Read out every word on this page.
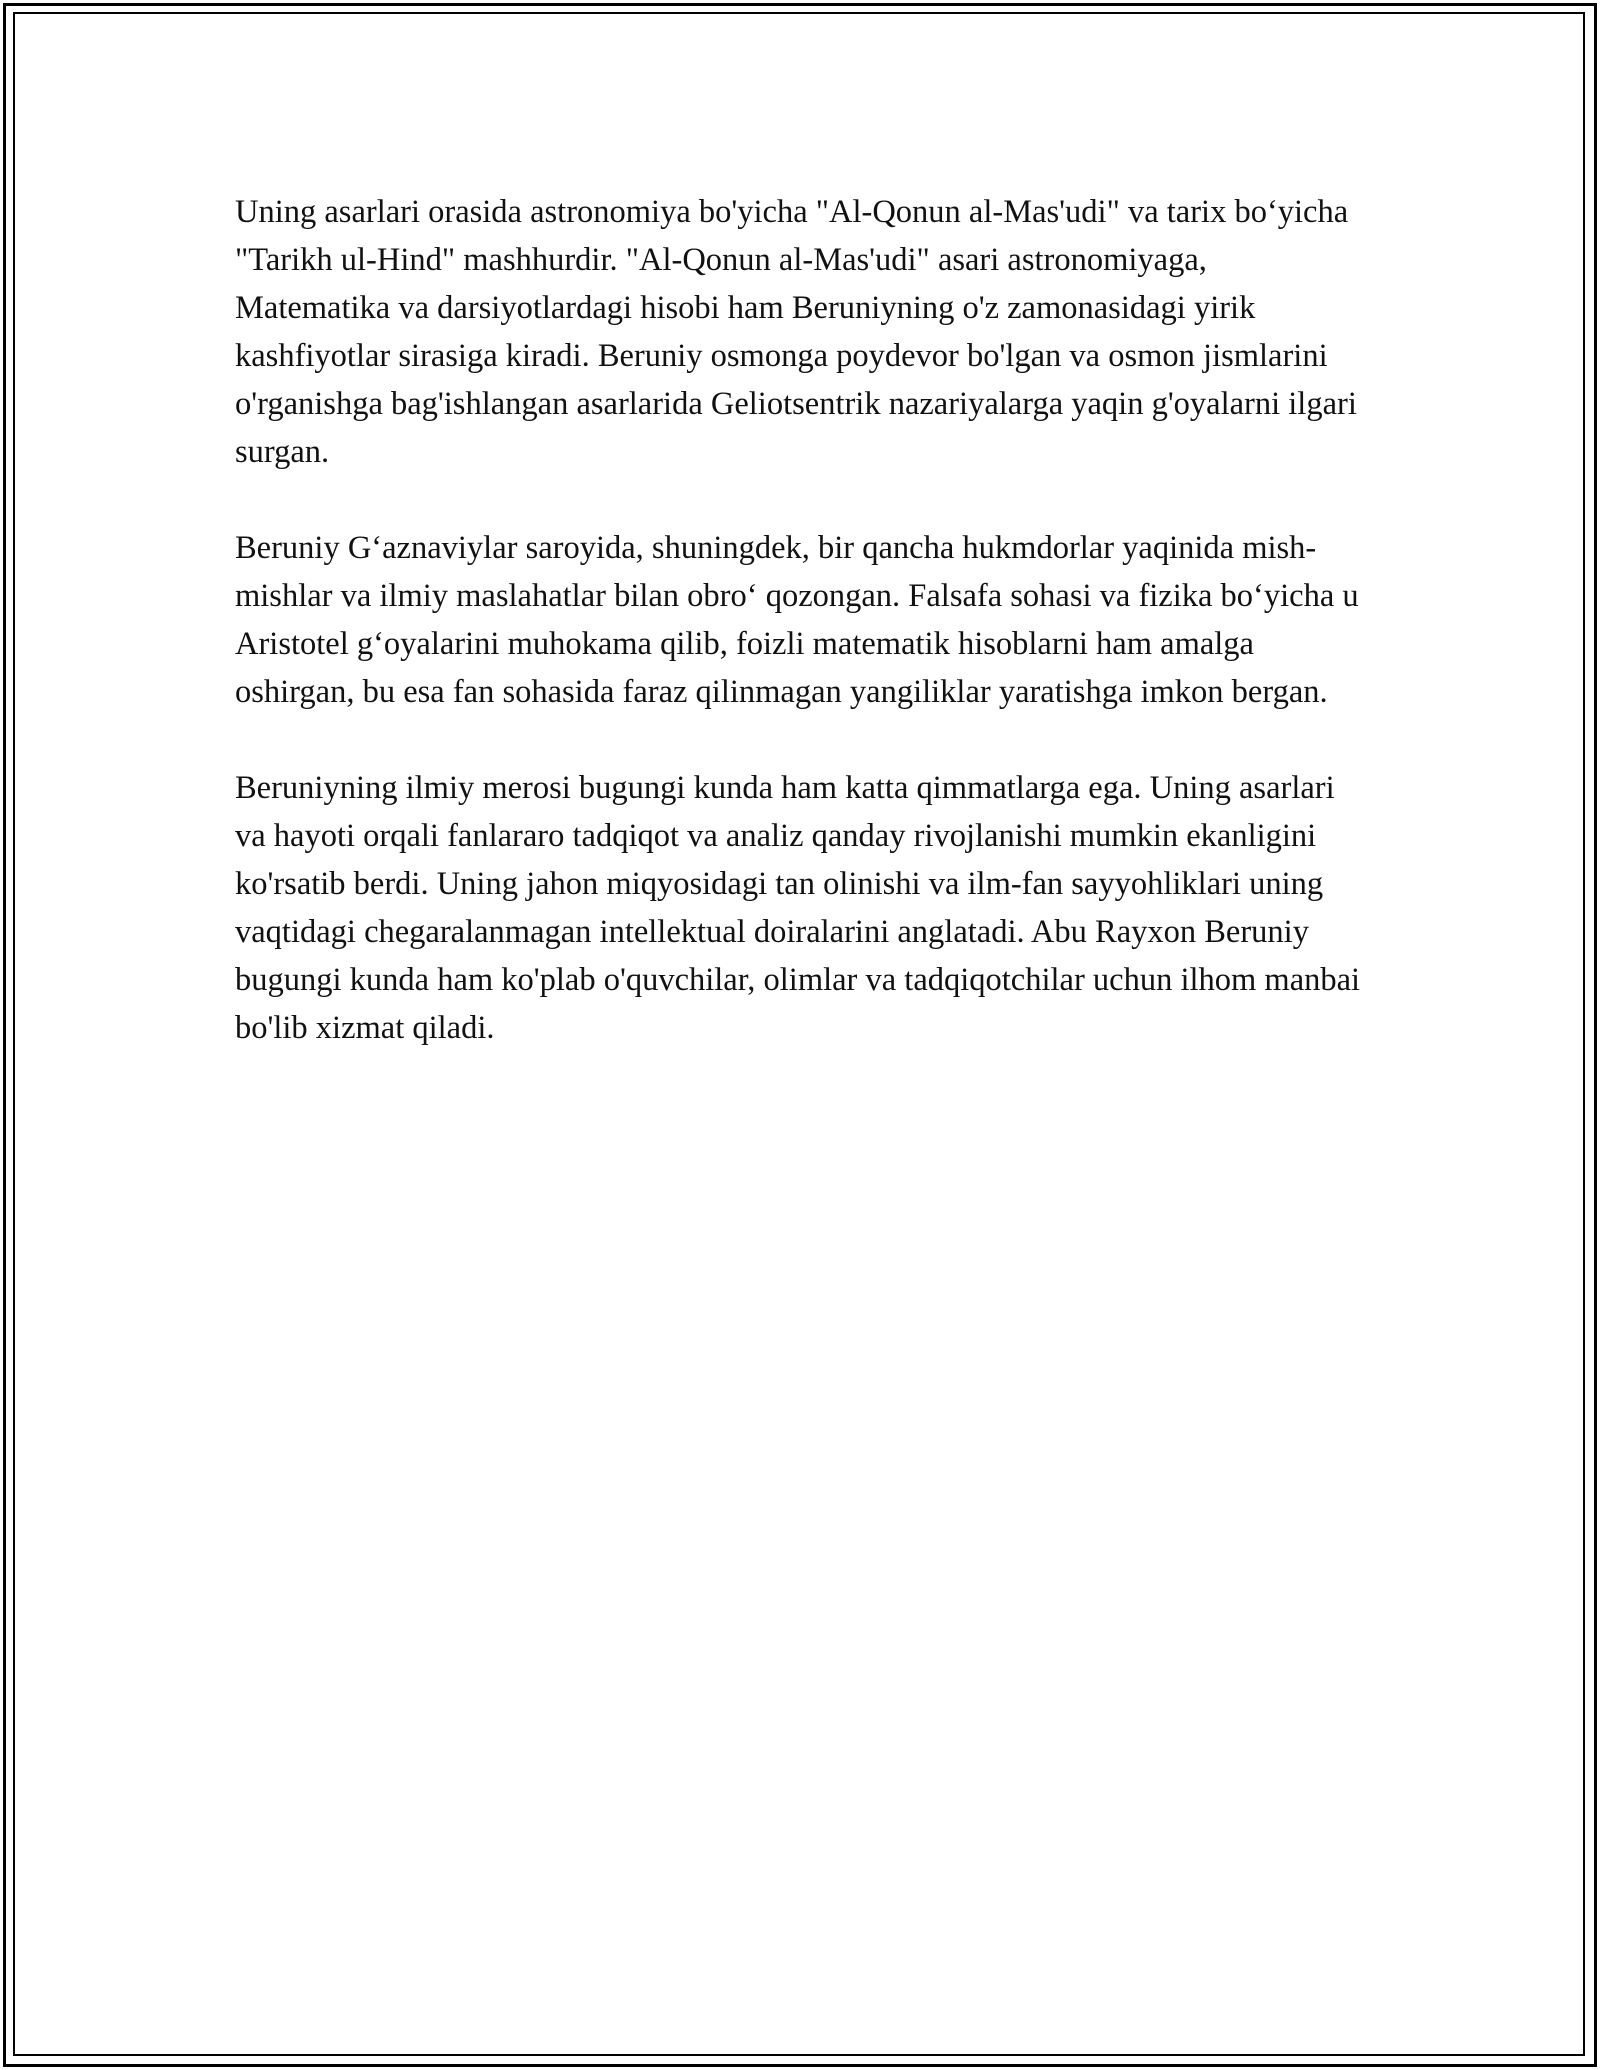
Uning asarlari orasida astronomiya bo'yicha "Al-Qonun al-Mas'udi" va tarix bo‘yicha "Tarikh ul-Hind" mashhurdir. "Al-Qonun al-Mas'udi" asari astronomiyaga, Matematika va darsiyotlardagi hisobi ham Beruniyning o'z zamonasidagi yirik kashfiyotlar sirasiga kiradi. Beruniy osmonga poydevor bo'lgan va osmon jismlarini o'rganishga bag'ishlangan asarlarida Geliotsentrik nazariyalarga yaqin g'oyalarni ilgari surgan.

Beruniy G‘aznaviylar saroyida, shuningdek, bir qancha hukmdorlar yaqinida mish-mishlar va ilmiy maslahatlar bilan obro‘ qozongan. Falsafa sohasi va fizika bo‘yicha u Aristotel g‘oyalarini muhokama qilib, foizli matematik hisoblarni ham amalga oshirgan, bu esa fan sohasida faraz qilinmagan yangiliklar yaratishga imkon bergan.

Beruniyning ilmiy merosi bugungi kunda ham katta qimmatlarga ega. Uning asarlari va hayoti orqali fanlararo tadqiqot va analiz qanday rivojlanishi mumkin ekanligini ko'rsatib berdi. Uning jahon miqyosidagi tan olinishi va ilm-fan sayyohliklari uning vaqtidagi chegaralanmagan intellektual doiralarini anglatadi. Abu Rayxon Beruniy bugungi kunda ham ko'plab o'quvchilar, olimlar va tadqiqotchilar uchun ilhom manbai bo'lib xizmat qiladi.
